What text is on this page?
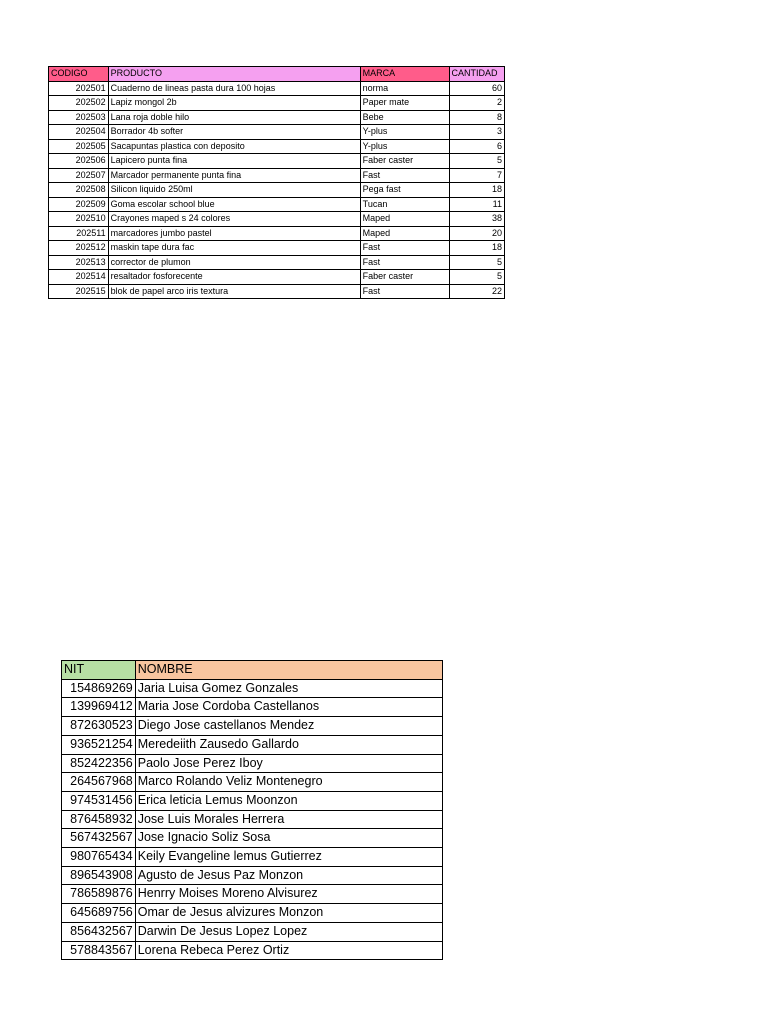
CODIGO	PRODUCTO	MARCA	CANTIDAD
202501	Cuaderno de lineas pasta dura 100 hojas	norma	60
202502	Lapiz mongol 2b	Paper mate	2
202503	Lana roja doble hilo	Bebe	8
202504	Borrador 4b softer	Y-plus	3
202505	Sacapuntas plastica con deposito	Y-plus	6
202506	Lapicero punta fina	Faber caster	5
202507	Marcador permanente punta fina	Fast	7
202508	Silicon liquido 250ml	Pega fast	18
202509	Goma escolar school blue	Tucan	11
202510	Crayones maped s 24 colores	Maped	38
202511	marcadores jumbo pastel	Maped	20
202512	maskin tape dura fac	Fast	18
202513	corrector de plumon	Fast	5
202514	resaltador fosforecente	Faber caster	5
202515	blok de papel arco iris textura	Fast	22
NIT	NOMBRE
154869269	Jaria Luisa Gomez Gonzales
139969412	Maria Jose Cordoba Castellanos
872630523	Diego Jose castellanos Mendez
936521254	Meredeiith Zausedo Gallardo
852422356	Paolo Jose Perez Iboy
264567968	Marco Rolando Veliz Montenegro
974531456	Erica leticia Lemus Moonzon
876458932	Jose Luis Morales Herrera
567432567	Jose Ignacio Soliz Sosa
980765434	Keily Evangeline lemus Gutierrez
896543908	Agusto de Jesus Paz Monzon
786589876	Henrry Moises Moreno Alvisurez
645689756	Omar de Jesus alvizures Monzon
856432567	Darwin De Jesus Lopez Lopez
578843567	Lorena Rebeca Perez Ortiz
